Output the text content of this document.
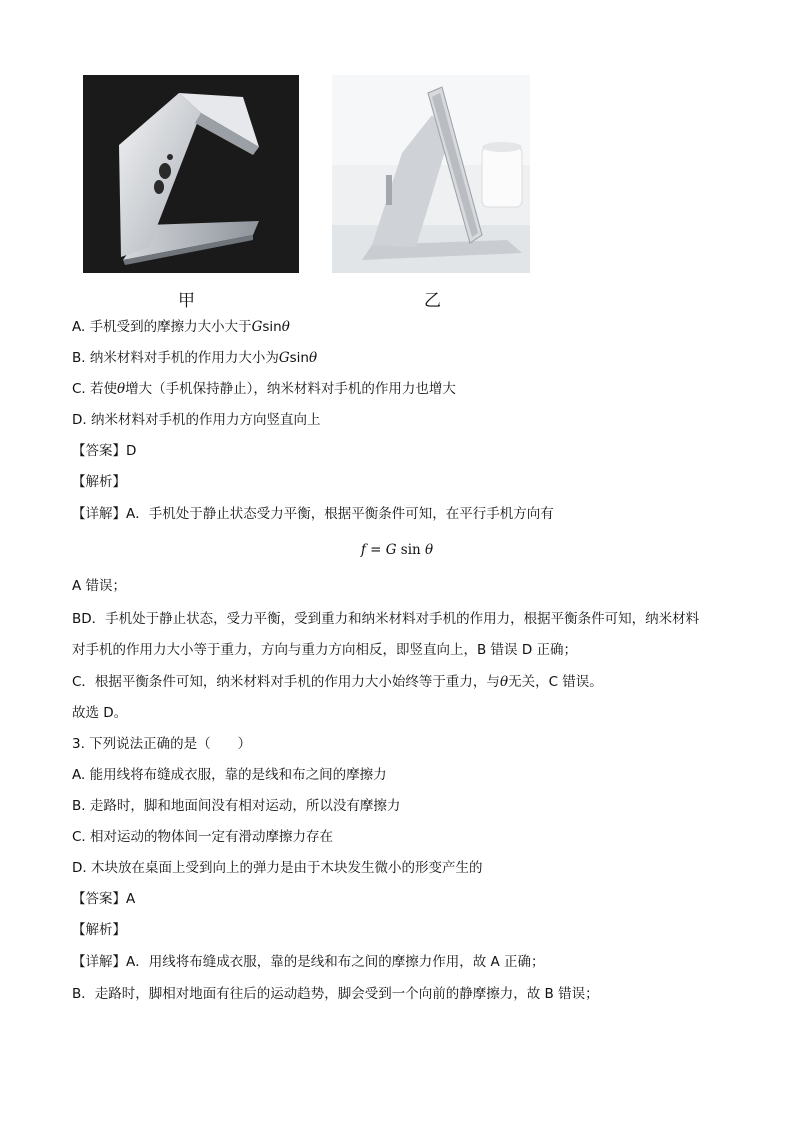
甲	乙
A. 手机受到的摩擦力大小大于Gsinθ
B. 纳米材料对手机的作用力大小为Gsinθ
C. 若使θ增大（手机保持静止），纳米材料对手机的作用力也增大
D. 纳米材料对手机的作用力方向竖直向上
【答案】D
【解析】
【详解】A．手机处于静止状态受力平衡，根据平衡条件可知，在平行手机方向有
f = G sin θ
A 错误；
BD．手机处于静止状态，受力平衡，受到重力和纳米材料对手机的作用力，根据平衡条件可知，纳米材料
对手机的作用力大小等于重力，方向与重力方向相反，即竖直向上，B 错误 D 正确；
C．根据平衡条件可知，纳米材料对手机的作用力大小始终等于重力，与θ无关，C 错误。
故选 D。
3. 下列说法正确的是（　　）
A. 能用线将布缝成衣服，靠的是线和布之间的摩擦力
B. 走路时，脚和地面间没有相对运动，所以没有摩擦力
C. 相对运动的物体间一定有滑动摩擦力存在
D. 木块放在桌面上受到向上的弹力是由于木块发生微小的形变产生的
【答案】A
【解析】
【详解】A．用线将布缝成衣服，靠的是线和布之间的摩擦力作用，故 A 正确；
B．走路时，脚相对地面有往后的运动趋势，脚会受到一个向前的静摩擦力，故 B 错误；
